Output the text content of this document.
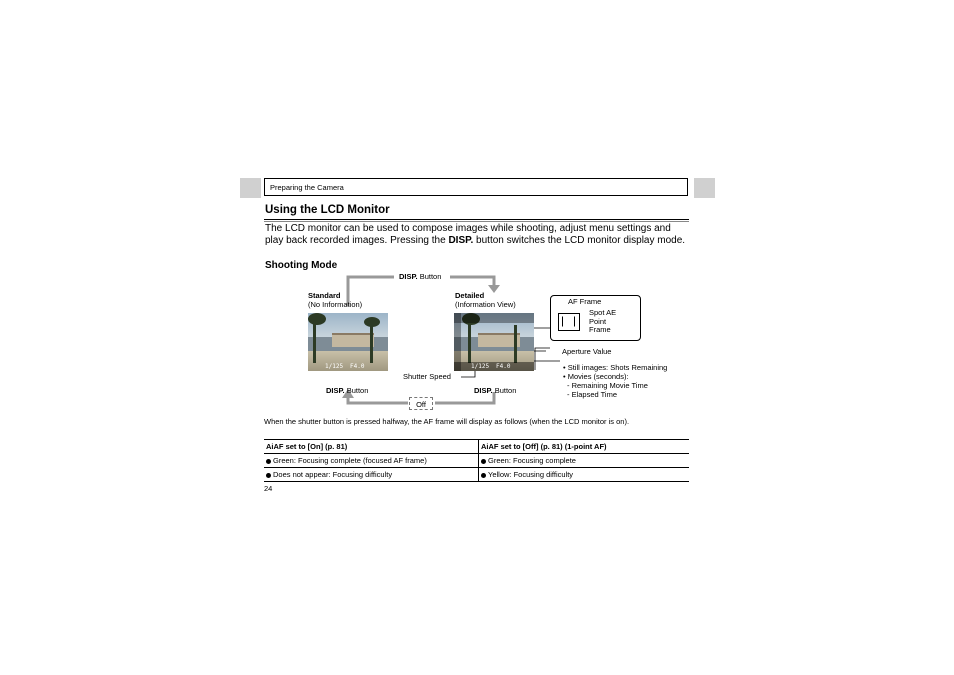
Preparing the Camera
Using the LCD Monitor
The LCD monitor can be used to compose images while shooting, adjust menu settings and play back recorded images. Pressing the DISP. button switches the LCD monitor display mode.
Shooting Mode
DISP. Button
Standard
(No Information)
Detailed
(Information View)
1/125 F4.0	1/125 F4.0
DISP. Button	DISP. Button
Off
Shutter Speed
Aperture Value
AF Frame
Spot AE
Point
Frame
• Still images: Shots Remaining
• Movies (seconds):
- Remaining Movie Time
- Elapsed Time
When the shutter button is pressed halfway, the AF frame will display as follows (when the LCD monitor is on).
AiAF set to [On] (p. 81)	AiAF set to [Off] (p. 81) (1-point AF)
Green: Focusing complete (focused AF frame)	Green: Focusing complete
Does not appear: Focusing difficulty	Yellow: Focusing difficulty
24
